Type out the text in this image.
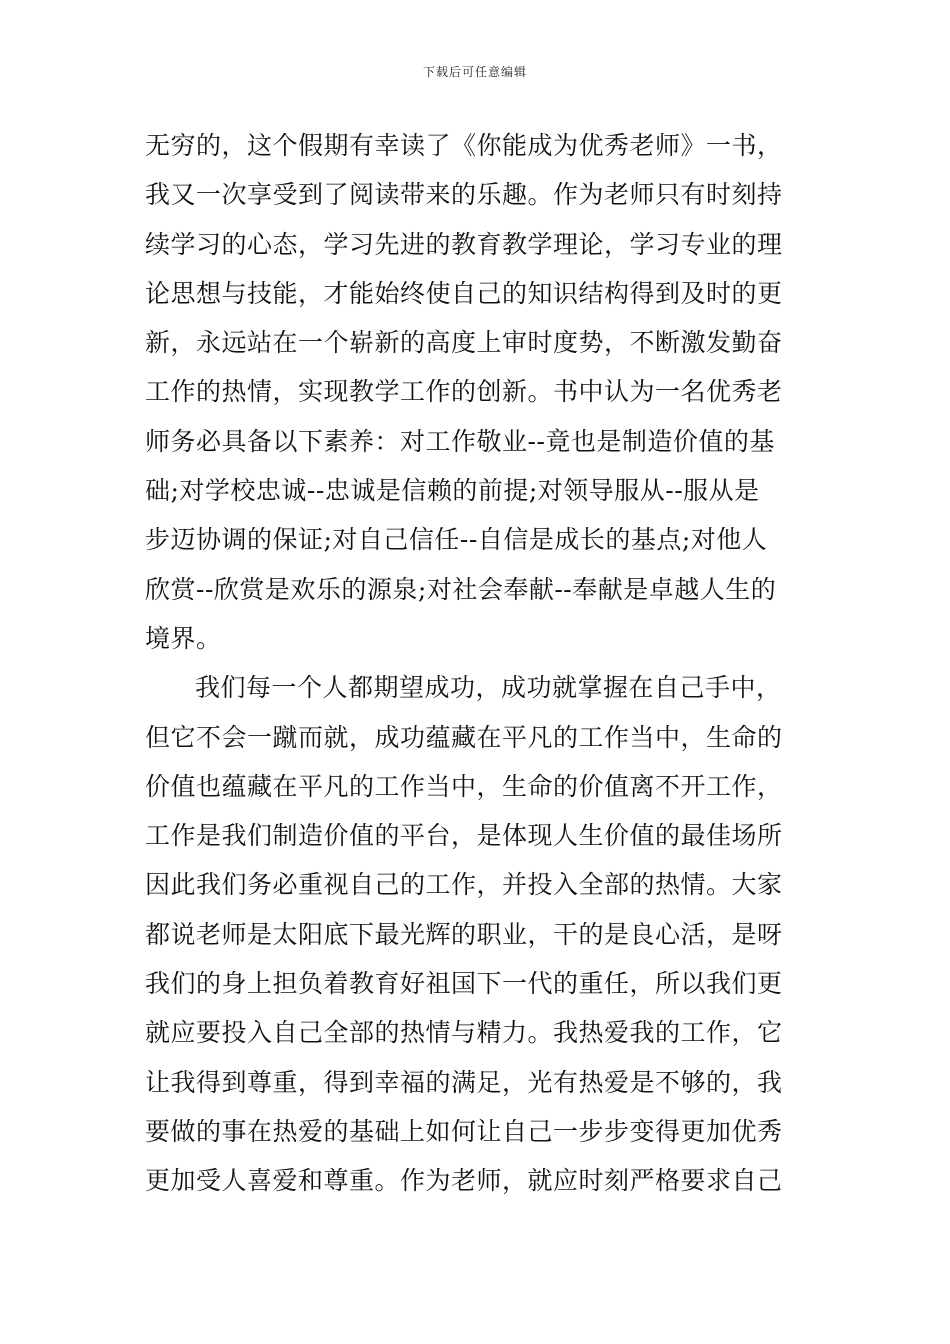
下载后可任意编辑
无穷的，这个假期有幸读了《你能成为优秀老师》一书，
我又一次享受到了阅读带来的乐趣。作为老师只有时刻持
续学习的心态，学习先进的教育教学理论，学习专业的理
论思想与技能，才能始终使自己的知识结构得到及时的更
新，永远站在一个崭新的高度上审时度势，不断激发勤奋
工作的热情，实现教学工作的创新。书中认为一名优秀老
师务必具备以下素养：对工作敬业--竟也是制造价值的基
础;对学校忠诚--忠诚是信赖的前提;对领导服从--服从是
步迈协调的保证;对自己信任--自信是成长的基点;对他人
欣赏--欣赏是欢乐的源泉;对社会奉献--奉献是卓越人生的
境界。
我们每一个人都期望成功，成功就掌握在自己手中，
但它不会一蹴而就，成功蕴藏在平凡的工作当中，生命的
价值也蕴藏在平凡的工作当中，生命的价值离不开工作，
工作是我们制造价值的平台，是体现人生价值的最佳场所
因此我们务必重视自己的工作，并投入全部的热情。大家
都说老师是太阳底下最光辉的职业，干的是良心活，是呀
我们的身上担负着教育好祖国下一代的重任，所以我们更
就应要投入自己全部的热情与精力。我热爱我的工作，它
让我得到尊重，得到幸福的满足，光有热爱是不够的，我
要做的事在热爱的基础上如何让自己一步步变得更加优秀
更加受人喜爱和尊重。作为老师，就应时刻严格要求自己
